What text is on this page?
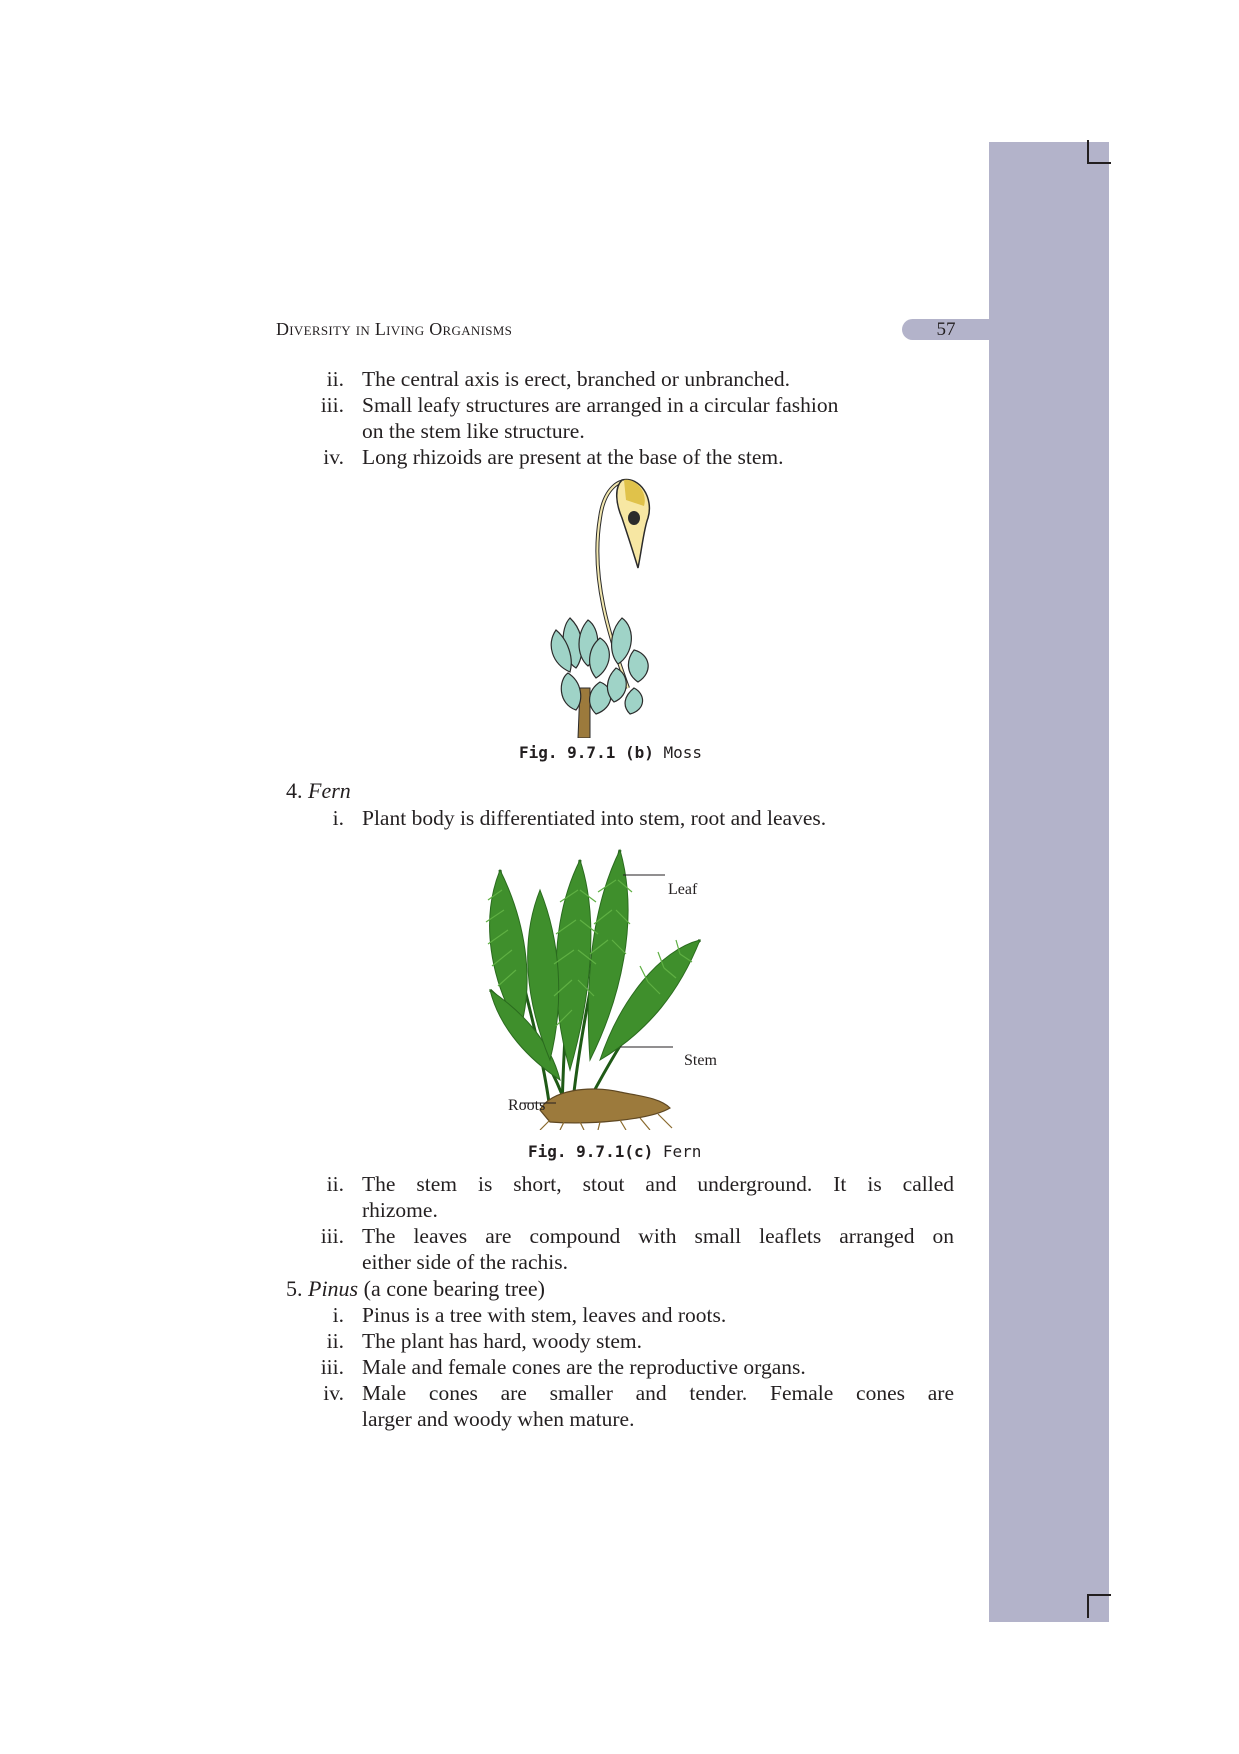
Diversity in Living Organisms	57
ii. The central axis is erect, branched or unbranched.
iii. Small leafy structures are arranged in a circular fashion
on the stem like structure.
iv. Long rhizoids are present at the base of the stem.
Fig. 9.7.1 (b) Moss
4. Fern
i. Plant body is differentiated into stem, root and leaves.
Leaf
Stem
Roots
Fig. 9.7.1(c) Fern
ii. The stem is short, stout and underground. It is called
rhizome.
iii. The leaves are compound with small leaflets arranged on
either side of the rachis.
5. Pinus (a cone bearing tree)
i. Pinus is a tree with stem, leaves and roots.
ii. The plant has hard, woody stem.
iii. Male and female cones are the reproductive organs.
iv. Male cones are smaller and tender. Female cones are
larger and woody when mature.
